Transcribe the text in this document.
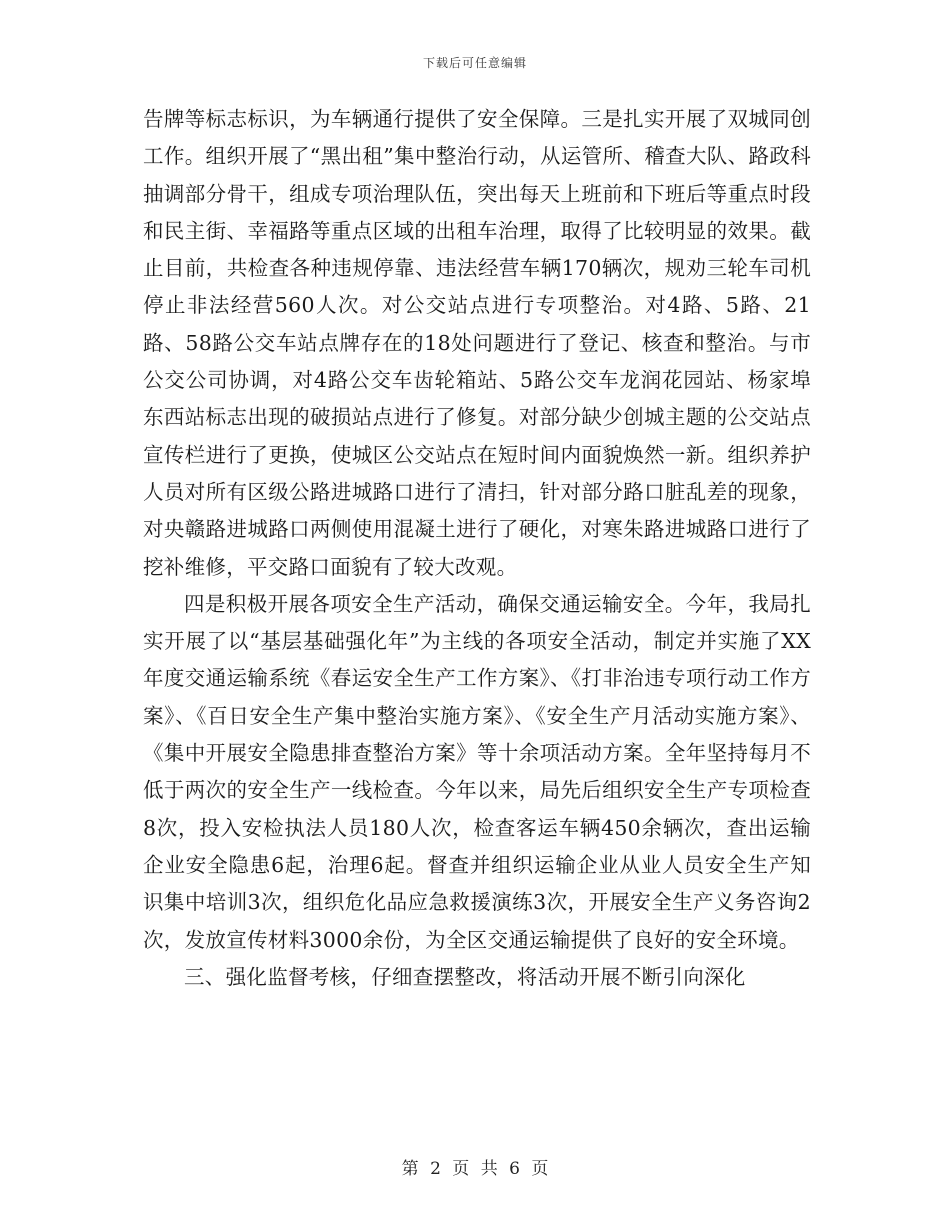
下载后可任意编辑

告牌等标志标识，为车辆通行提供了安全保障。三是扎实开展了双城同创工作。组织开展了“黑出租”集中整治行动，从运管所、稽查大队、路政科抽调部分骨干，组成专项治理队伍，突出每天上班前和下班后等重点时段和民主街、幸福路等重点区域的出租车治理，取得了比较明显的效果。截止目前，共检查各种违规停靠、违法经营车辆170辆次，规劝三轮车司机停止非法经营560人次。对公交站点进行专项整治。对4路、5路、21路、58路公交车站点牌存在的18处问题进行了登记、核查和整治。与市公交公司协调，对4路公交车齿轮箱站、5路公交车龙润花园站、杨家埠东西站标志出现的破损站点进行了修复。对部分缺少创城主题的公交站点宣传栏进行了更换，使城区公交站点在短时间内面貌焕然一新。组织养护人员对所有区级公路进城路口进行了清扫，针对部分路口脏乱差的现象，对央赣路进城路口两侧使用混凝土进行了硬化，对寒朱路进城路口进行了挖补维修，平交路口面貌有了较大改观。

四是积极开展各项安全生产活动，确保交通运输安全。今年，我局扎实开展了以“基层基础强化年”为主线的各项安全活动，制定并实施了XX年度交通运输系统《春运安全生产工作方案》、《打非治违专项行动工作方案》、《百日安全生产集中整治实施方案》、《安全生产月活动实施方案》、《集中开展安全隐患排查整治方案》等十余项活动方案。全年坚持每月不低于两次的安全生产一线检查。今年以来，局先后组织安全生产专项检查8次，投入安检执法人员180人次，检查客运车辆450余辆次，查出运输企业安全隐患6起，治理6起。督查并组织运输企业从业人员安全生产知识集中培训3次，组织危化品应急救援演练3次，开展安全生产义务咨询2次，发放宣传材料3000余份，为全区交通运输提供了良好的安全环境。

三、强化监督考核，仔细查摆整改，将活动开展不断引向深化

第 2 页 共 6 页
